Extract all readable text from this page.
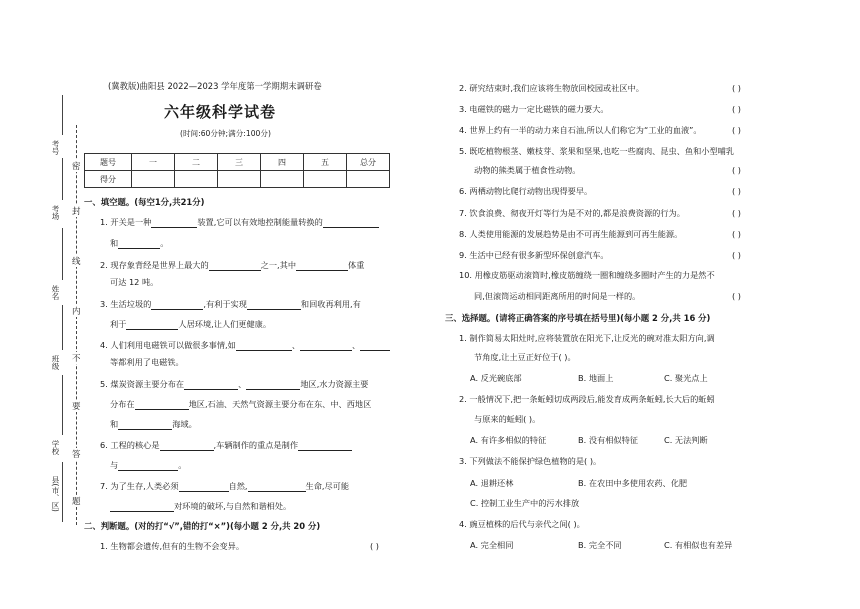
考号
考场
姓名
班级
学校
县(市、区)
密
封
线
内
不
要
答
题
(冀教版)曲阳县 2022—2023 学年度第一学期期末调研卷
六年级科学试卷
(时间:60分钟;满分:100分)
题号	一	二	三	四	五	总分
得分						
一、填空题。(每空1分,共21分)
1. 开关是一种	装置,它可以有效地控制能量转换的
和	。
2. 现存象背经是世界上最大的	之一,其中	体重
可达 12 吨。
3. 生活垃圾的	,有利于实现	和回收再利用,有
利于	人居环境,让人们更健康。
4. 人们利用电磁铁可以做很多事情,如	、	、
等都利用了电磁铁。
5. 煤炭资源主要分布在	、	地区,水力资源主要
分布在	地区,石油、天然气资源主要分布在东、中、西地区
和	海域。
6. 工程的核心是	,车辆制作的重点是制作
与	。
7. 为了生存,人类必须	自然,	生命,尽可能
对环境的破坏,与自然和谐相处。
二、判断题。(对的打“√”,错的打“×”)(每小题 2 分,共 20 分)
1. 生物都会遗传,但有的生物不会变异。	( )
2. 研究结束时,我们应该将生物放回校园或社区中。	( )
3. 电磁铁的磁力一定比磁铁的磁力要大。	( )
4. 世界上约有一半的动力来自石油,所以人们称它为“工业的血液”。	( )
5. 既吃植物根茎、嫩枝芽、浆果和坚果,也吃一些腐肉、昆虫、鱼和小型哺乳
动物的熊类属于植食性动物。	( )
6. 两栖动物比爬行动物出现得要早。	( )
7. 饮食浪费、彻夜开灯等行为是不对的,都是浪费资源的行为。	( )
8. 人类使用能源的发展趋势是由不可再生能源到可再生能源。	( )
9. 生活中已经有很多新型环保创意汽车。	( )
10. 用橡皮筋驱动滚筒时,橡皮筋缠绕一圈和缠绕多圈时产生的力是然不
同,但滚筒运动相同距离所用的时间是一样的。	( )
三、选择题。(请将正确答案的序号填在括号里)(每小题 2 分,共 16 分)
1. 制作简易太阳灶时,应将装置放在阳光下,让反光的碗对准太阳方向,调
节角度,让土豆正好位于( )。
A. 反光碗底部	B. 地面上	C. 聚光点上
2. 一般情况下,把一条蚯蚓切成两段后,能发育成两条蚯蚓,长大后的蚯蚓
与原来的蚯蚓( )。
A. 有许多相似的特征	B. 没有相似特征	C. 无法判断
3. 下列做法不能保护绿色植物的是( )。
A. 退耕还林	B. 在农田中多使用农药、化肥
C. 控制工业生产中的污水排放
4. 豌豆植株的后代与亲代之间( )。
A. 完全相同	B. 完全不同	C. 有相似也有差异
